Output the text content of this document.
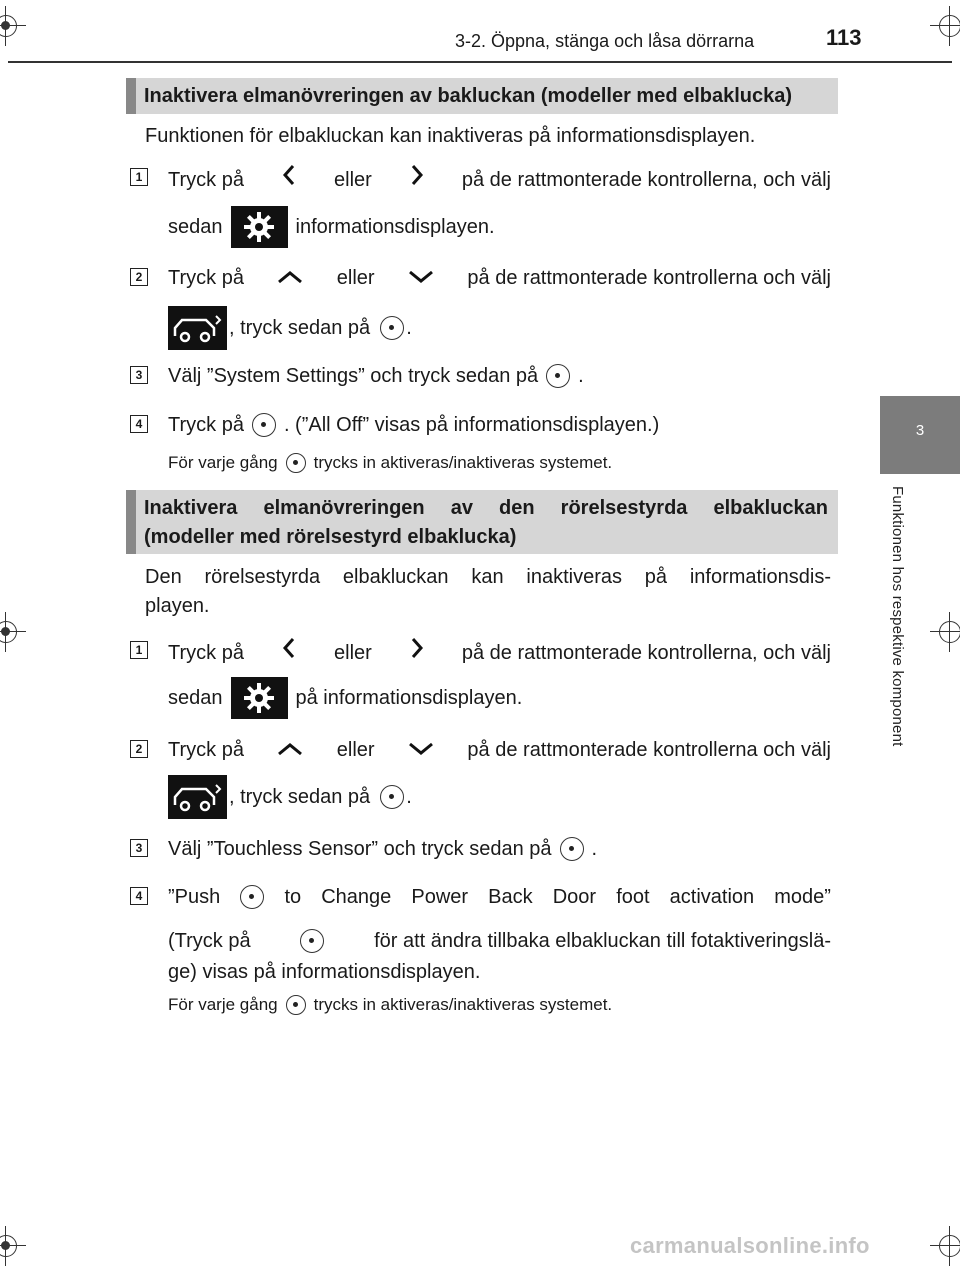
3-2. Öppna, stänga och låsa dörrarna	113
3
Funktionen hos respektive komponent
Inaktivera elmanövreringen av bakluckan (modeller med elbaklucka)
Funktionen för elbakluckan kan inaktiveras på informationsdisplayen.
1 Tryck på	eller	på de rattmonterade kontrollerna, och välj
sedan	informationsdisplayen.
2 Tryck på	eller	på de rattmonterade kontrollerna och välj
, tryck sedan på .
3 Välj ”System Settings” och tryck sedan på .
4 Tryck på . (”All Off” visas på informationsdisplayen.)
För varje gång trycks in aktiveras/inaktiveras systemet.
Inaktivera elmanövreringen av den rörelsestyrda elbakluckan
(modeller med rörelsestyrd elbaklucka)
Den rörelsestyrda elbakluckan kan inaktiveras på informationsdis-
playen.
1 Tryck på	eller	på de rattmonterade kontrollerna, och välj
sedan	på informationsdisplayen.
2 Tryck på	eller	på de rattmonterade kontrollerna och välj
, tryck sedan på .
3 Välj ”Touchless Sensor” och tryck sedan på .
4 ”Push	to Change Power Back Door foot activation mode”
(Tryck på	för att ändra tillbaka elbakluckan till fotaktiveringslä-
ge) visas på informationsdisplayen.
För varje gång trycks in aktiveras/inaktiveras systemet.
carmanualsonline.info
